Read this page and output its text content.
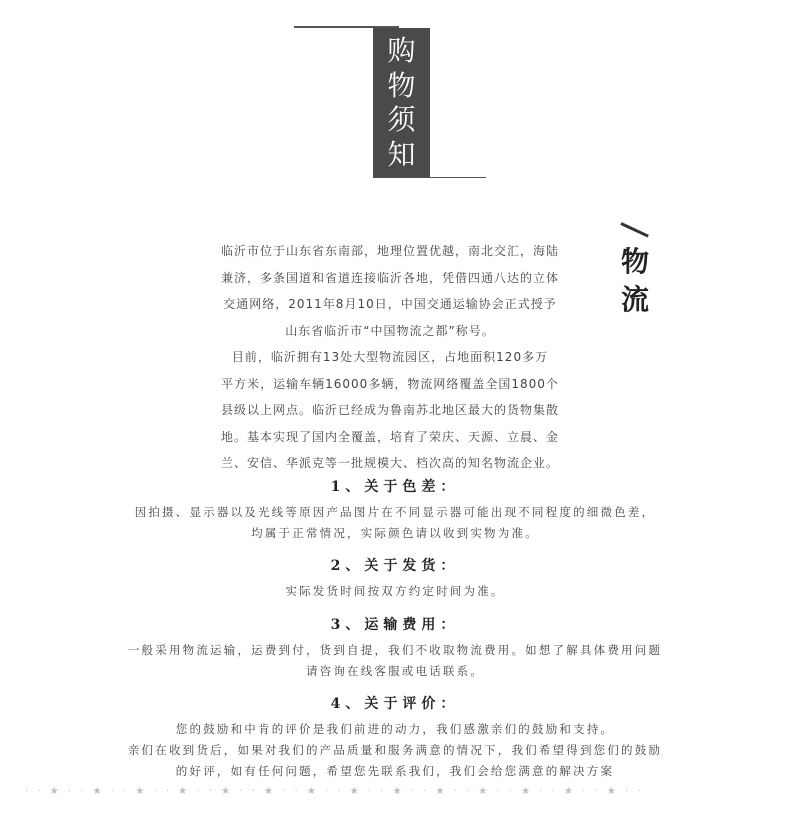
购
物
须
知
物
流

临沂市位于山东省东南部，地理位置优越，南北交汇，海陆

兼济，多条国道和省道连接临沂各地，凭借四通八达的立体

交通网络，2011年8月10日，中国交通运输协会正式授予

山东省临沂市“中国物流之都”称号。

目前，临沂拥有13处大型物流园区，占地面积120多万

平方米，运输车辆16000多辆，物流网络覆盖全国1800个

县级以上网点。临沂已经成为鲁南苏北地区最大的货物集散

地。基本实现了国内全覆盖，培育了荣庆、天源、立晨、金

兰、安信、华派克等一批规模大、档次高的知名物流企业。

1、关于色差：
因拍摄、显示器以及光线等原因产品图片在不同显示器可能出现不同程度的细微色差，
均属于正常情况，实际颜色请以收到实物为准。
2、关于发货：
实际发货时间按双方约定时间为准。
3、运输费用：
一般采用物流运输，运费到付，货到自提，我们不收取物流费用。如想了解具体费用问题
请咨询在线客服或电话联系。
4、关于评价：
您的鼓励和中肯的评价是我们前进的动力，我们感激亲们的鼓励和支持。
亲们在收到货后，如果对我们的产品质量和服务满意的情况下，我们希望得到您们的鼓励
的好评，如有任何问题，希望您先联系我们，我们会给您满意的解决方案
· · ★ · · ★ · · ★ · · ★ · · ★ · · ★ · · ★ · · ★ · · ★ · · ★ · · ★ · · ★ · · ★ · · ★ · ·
